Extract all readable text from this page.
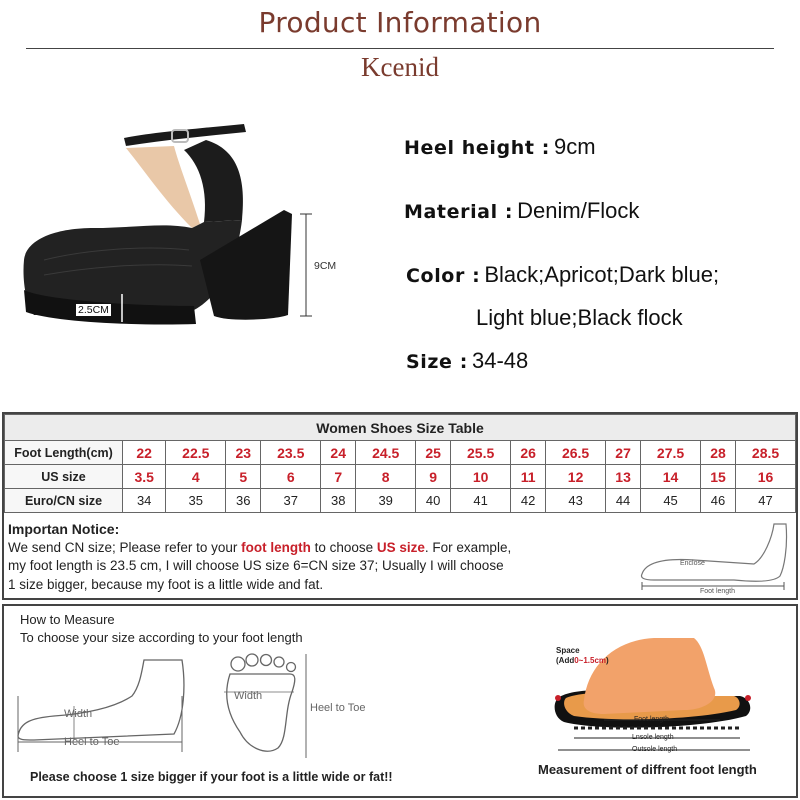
Product Information
Kcenid
9CM
2.5CM
Heel height : 9cm
Material : Denim/Flock
Color : Black;Apricot;Dark blue;
Light blue;Black flock
Size : 34-48
Women Shoes Size Table														
Foot Length(cm)	22	22.5	23	23.5	24	24.5	25	25.5	26	26.5	27	27.5	28	28.5
US size	3.5	4	5	6	7	8	9	10	11	12	13	14	15	16
Euro/CN size	34	35	36	37	38	39	40	41	42	43	44	45	46	47
Importan Notice:
We send CN size; Please refer to your foot length to choose US size. For example,
my foot length is 23.5 cm, I will choose US size 6=CN size 37; Usually I will choose
1 size bigger, because my foot is a little wide and fat.
Enclose
Foot length
How to Measure
To choose your size according to your foot length
Width
Heel to Toe
Width
Heel to Toe
Space
(Add0~1.5cm)
Foot length
Lnsole length
Outsole length
Measurement of diffrent foot length
Please choose 1 size bigger if your foot is a little wide or fat!!
